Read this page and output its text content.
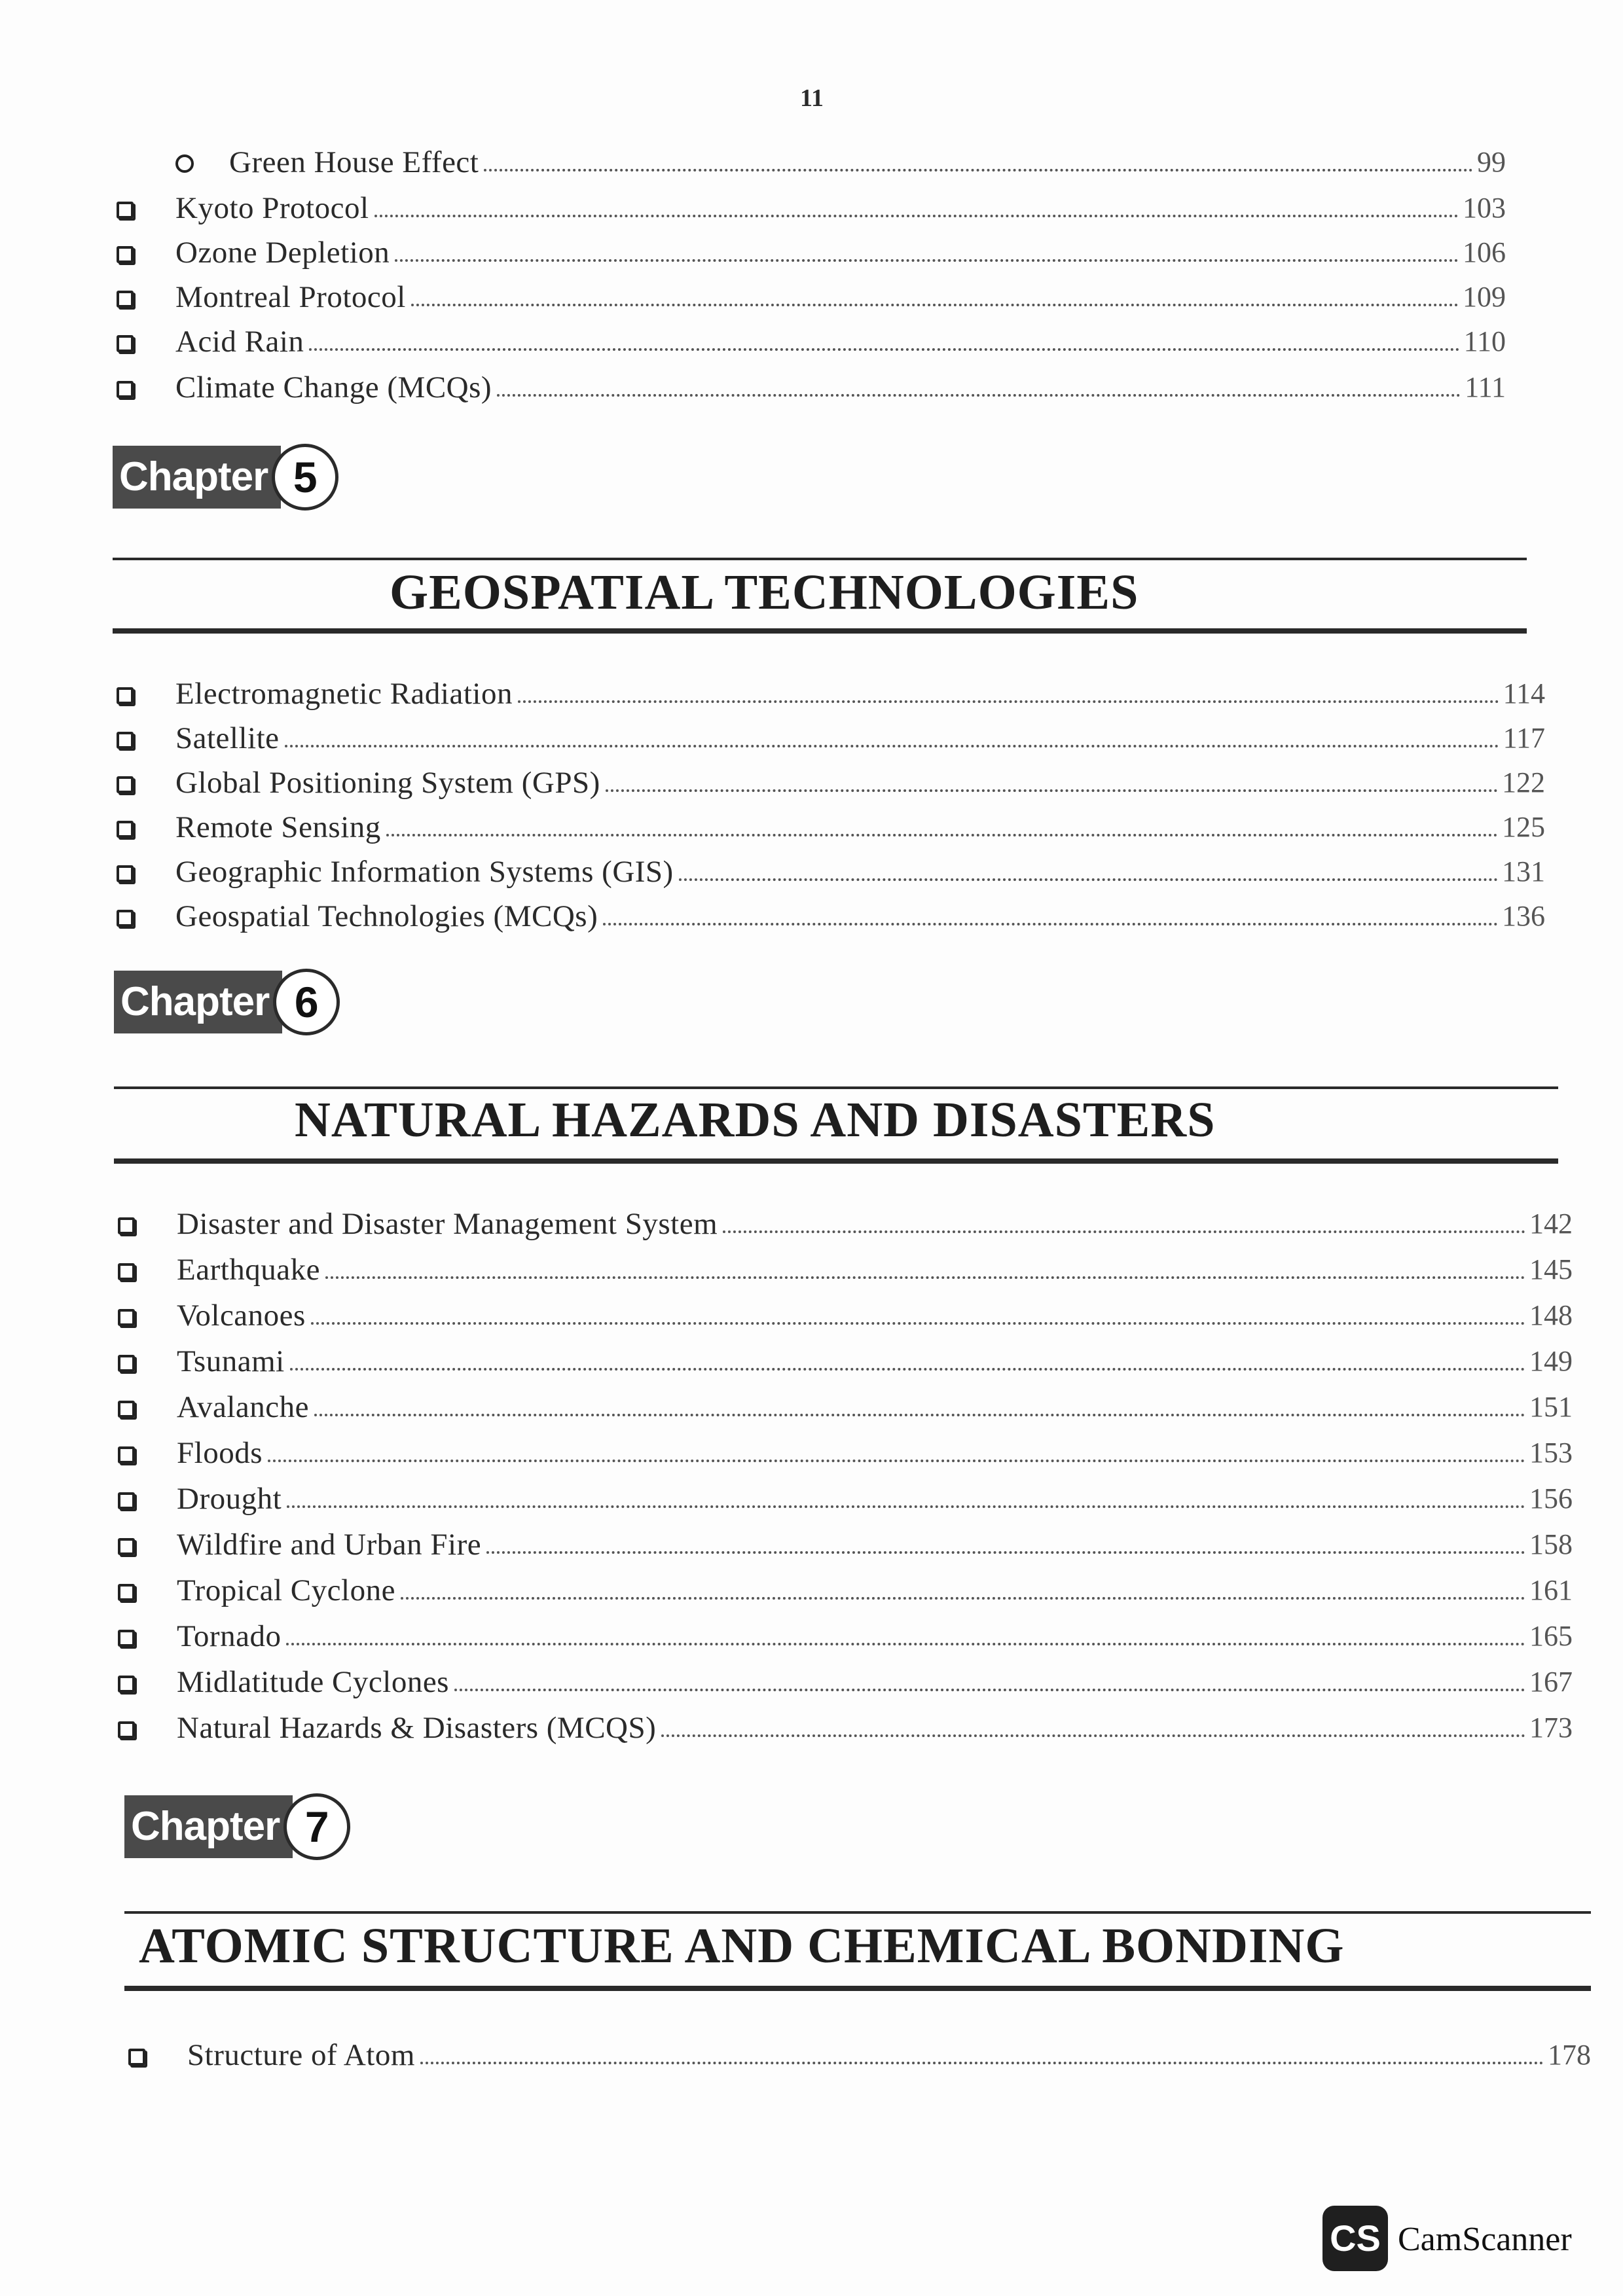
11
Green House Effect	99
Kyoto Protocol	103
Ozone Depletion	106
Montreal Protocol	109
Acid Rain	110
Climate Change (MCQs)	111
Chapter 5
GEOSPATIAL TECHNOLOGIES
Electromagnetic Radiation	114
Satellite	117
Global Positioning System (GPS)	122
Remote Sensing	125
Geographic Information Systems (GIS)	131
Geospatial Technologies (MCQs)	136
Chapter 6
NATURAL HAZARDS AND DISASTERS
Disaster and Disaster Management System	142
Earthquake	145
Volcanoes	148
Tsunami	149
Avalanche	151
Floods	153
Drought	156
Wildfire and Urban Fire	158
Tropical Cyclone	161
Tornado	165
Midlatitude Cyclones	167
Natural Hazards & Disasters (MCQS)	173
Chapter 7
ATOMIC STRUCTURE AND CHEMICAL BONDING
Structure of Atom	178
CS CamScanner
